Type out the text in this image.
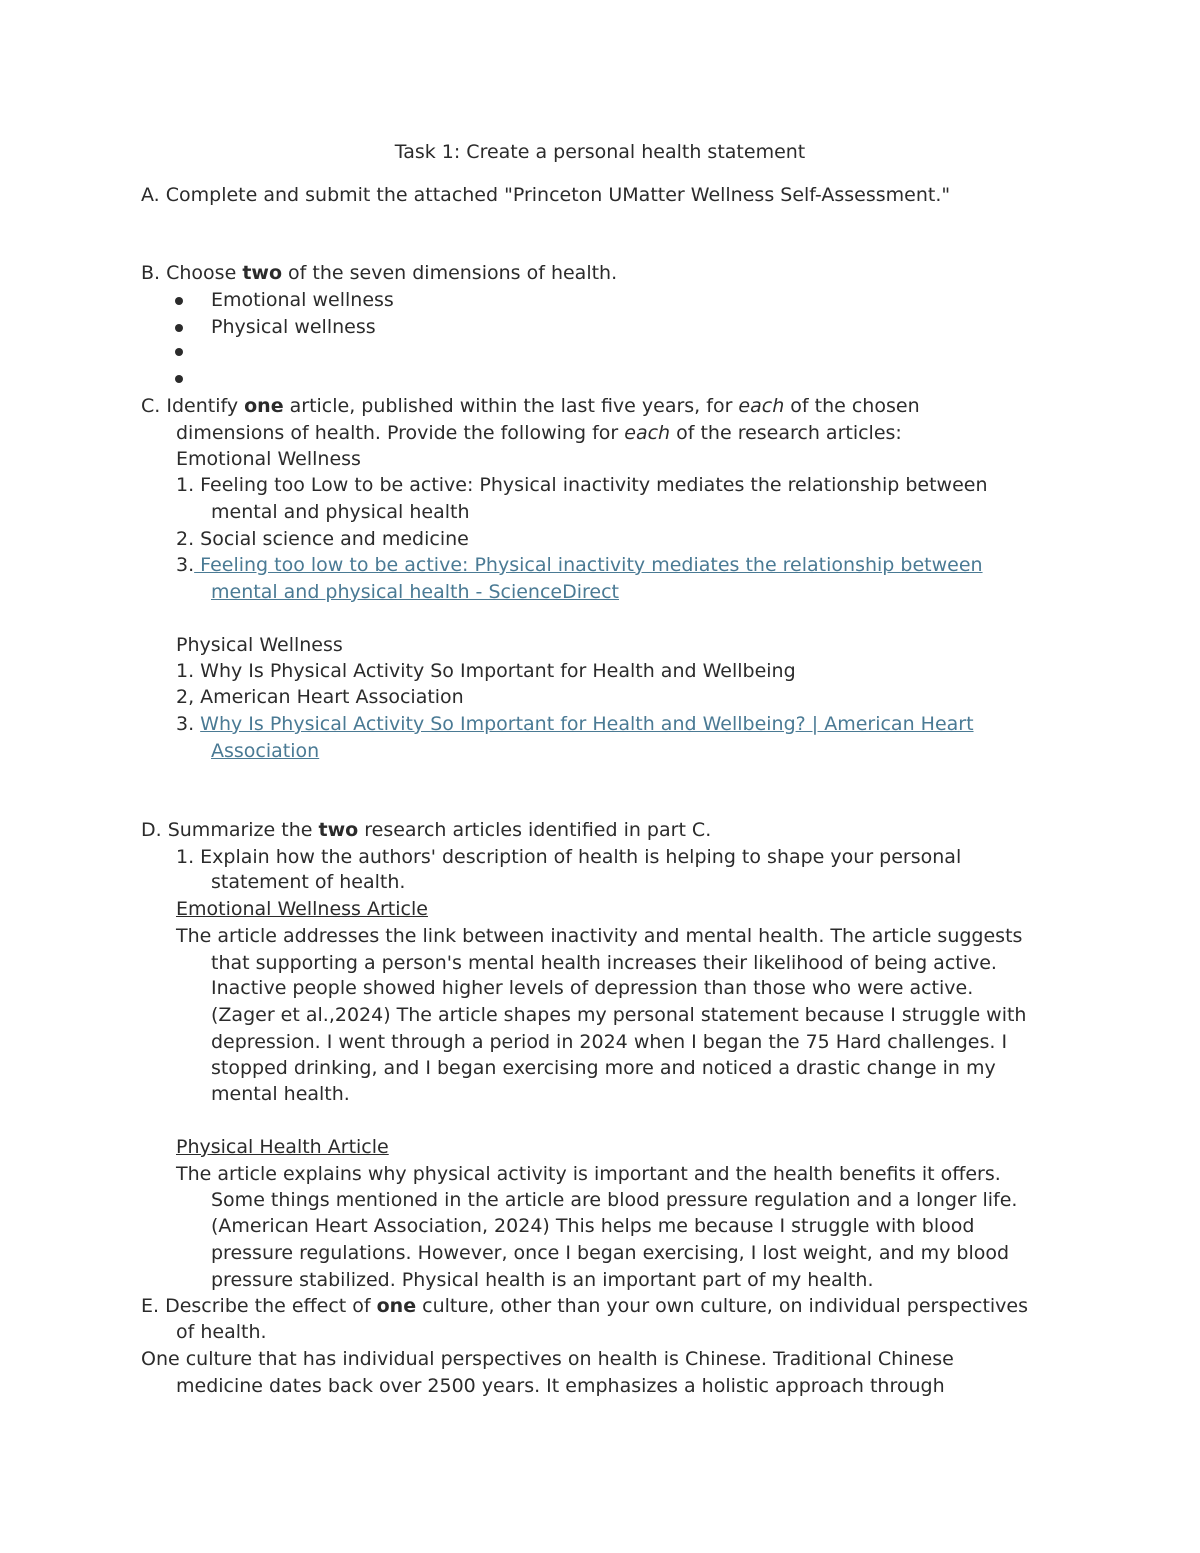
Task 1: Create a personal health statement
A. Complete and submit the attached "Princeton UMatter Wellness Self-Assessment."
B. Choose two of the seven dimensions of health.
Emotional wellness
Physical wellness
C. Identify one article, published within the last five years, for each of the chosen
dimensions of health. Provide the following for each of the research articles:
Emotional Wellness
1. Feeling too Low to be active: Physical inactivity mediates the relationship between
mental and physical health
2. Social science and medicine
3. Feeling too low to be active: Physical inactivity mediates the relationship between
mental and physical health - ScienceDirect
Physical Wellness
1. Why Is Physical Activity So Important for Health and Wellbeing
2, American Heart Association
3. Why Is Physical Activity So Important for Health and Wellbeing? | American Heart
Association
D. Summarize the two research articles identified in part C.
1. Explain how the authors' description of health is helping to shape your personal
statement of health.
Emotional Wellness Article
The article addresses the link between inactivity and mental health. The article suggests
that supporting a person's mental health increases their likelihood of being active.
Inactive people showed higher levels of depression than those who were active.
(Zager et al.,2024) The article shapes my personal statement because I struggle with
depression. I went through a period in 2024 when I began the 75 Hard challenges. I
stopped drinking, and I began exercising more and noticed a drastic change in my
mental health.
Physical Health Article
The article explains why physical activity is important and the health benefits it offers.
Some things mentioned in the article are blood pressure regulation and a longer life.
(American Heart Association, 2024) This helps me because I struggle with blood
pressure regulations. However, once I began exercising, I lost weight, and my blood
pressure stabilized. Physical health is an important part of my health.
E. Describe the effect of one culture, other than your own culture, on individual perspectives
of health.
One culture that has individual perspectives on health is Chinese. Traditional Chinese
medicine dates back over 2500 years. It emphasizes a holistic approach through
